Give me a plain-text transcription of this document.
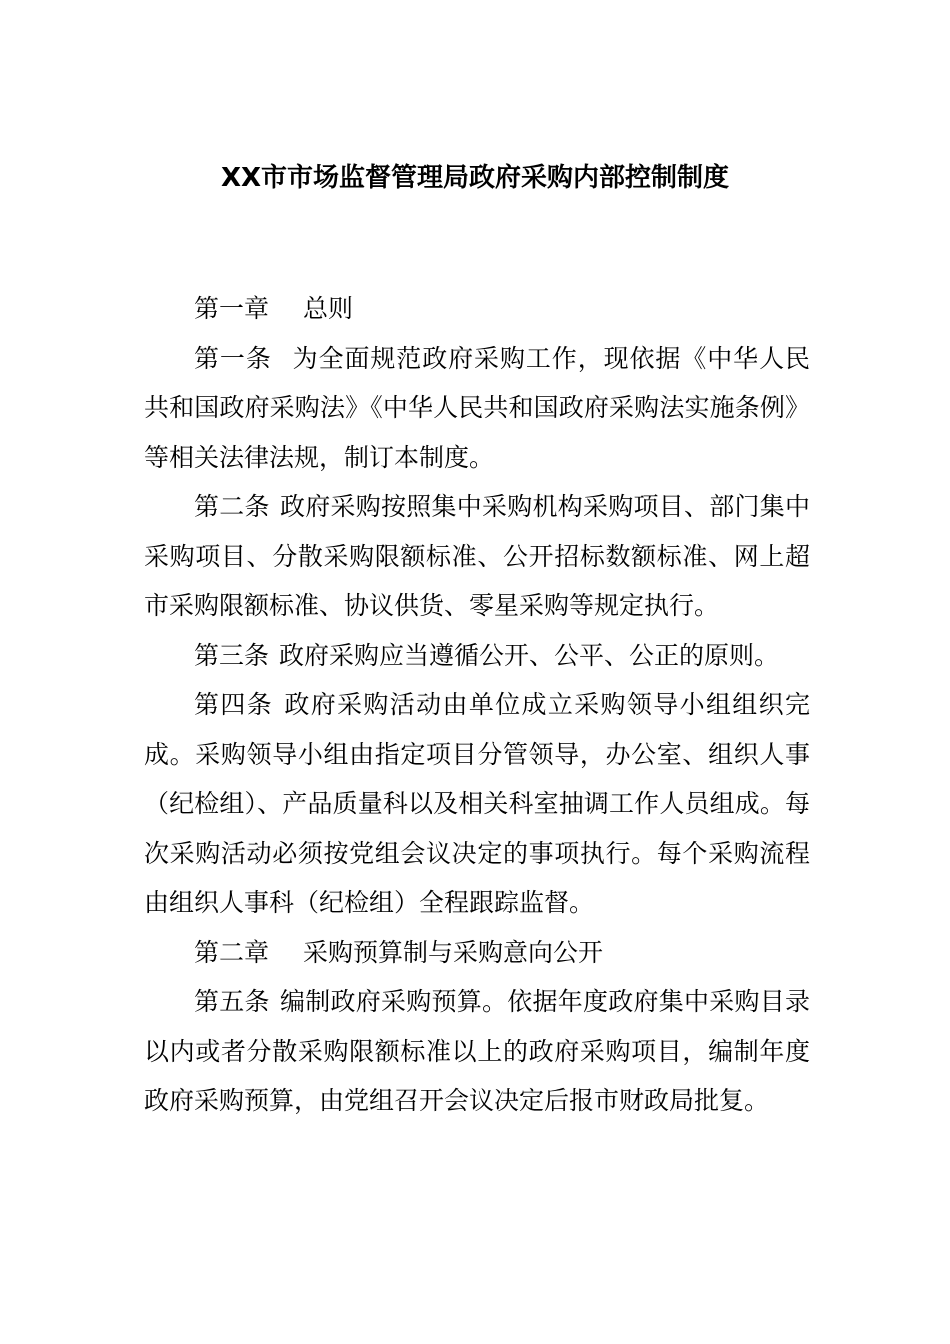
XX市市场监督管理局政府采购内部控制制度

第一章 总则

第一条 为全面规范政府采购工作，现依据《中华人民共和国政府采购法》《中华人民共和国政府采购法实施条例》等相关法律法规，制订本制度。

第二条 政府采购按照集中采购机构采购项目、部门集中采购项目、分散采购限额标准、公开招标数额标准、网上超市采购限额标准、协议供货、零星采购等规定执行。

第三条 政府采购应当遵循公开、公平、公正的原则。

第四条 政府采购活动由单位成立采购领导小组组织完成。采购领导小组由指定项目分管领导，办公室、组织人事（纪检组）、产品质量科以及相关科室抽调工作人员组成。每次采购活动必须按党组会议决定的事项执行。每个采购流程由组织人事科（纪检组）全程跟踪监督。

第二章 采购预算制与采购意向公开

第五条 编制政府采购预算。依据年度政府集中采购目录以内或者分散采购限额标准以上的政府采购项目，编制年度政府采购预算，由党组召开会议决定后报市财政局批复。
